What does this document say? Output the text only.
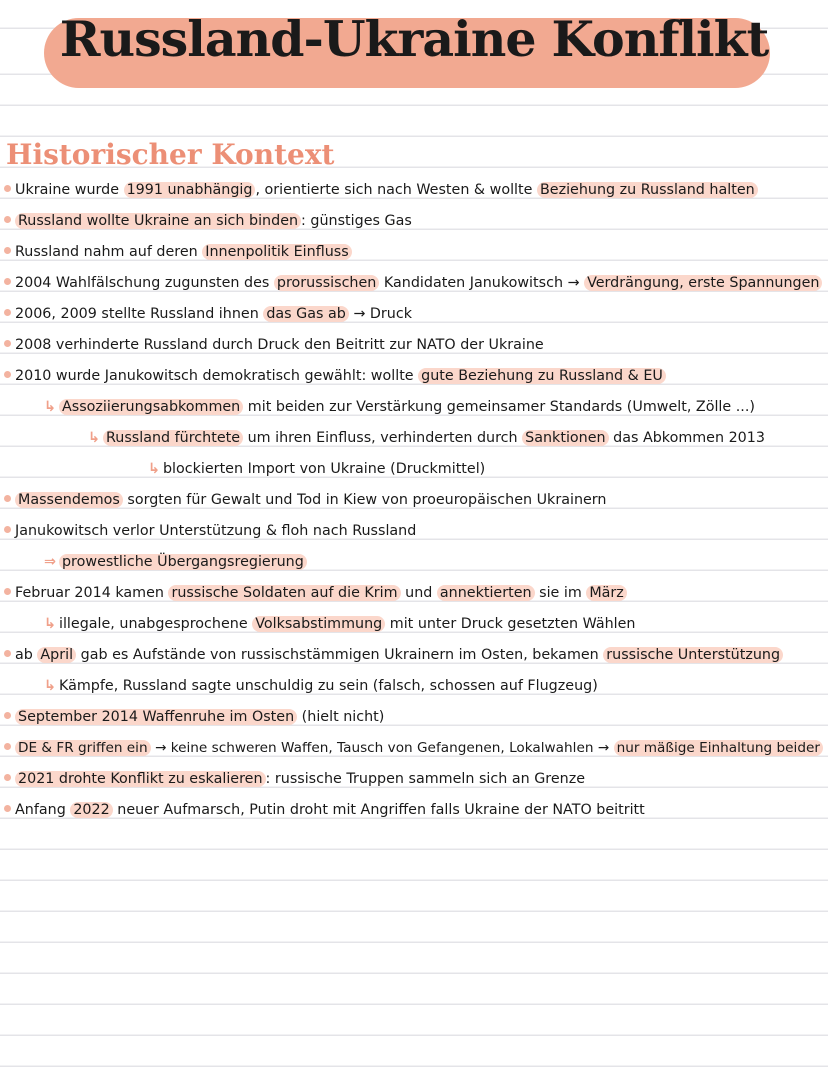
Russland-Ukraine Konflikt
Historischer Kontext
Ukraine wurde 1991 unabhängig , orientierte sich nach Westen & wollte Beziehung zu Russland halten
Russland wollte Ukraine an sich binden : günstiges Gas
Russland nahm auf deren Innenpolitik Einfluss
2004 Wahlfälschung zugunsten des prorussischen Kandidaten Janukowitsch → Verdrängung, erste Spannungen
2006, 2009 stellte Russland ihnen das Gas ab → Druck
2008 verhinderte Russland durch Druck den Beitritt zur NATO der Ukraine
2010 wurde Janukowitsch demokratisch gewählt: wollte gute Beziehung zu Russland & EU
↳ Assoziierungsabkommen mit beiden zur Verstärkung gemeinsamer Standards (Umwelt, Zölle ...)
↳ Russland fürchtete um ihren Einfluss, verhinderten durch Sanktionen das Abkommen 2013
↳ blockierten Import von Ukraine (Druckmittel)
Massendemos sorgten für Gewalt und Tod in Kiew von proeuropäischen Ukrainern
Janukowitsch verlor Unterstützung & floh nach Russland
⇒ prowestliche Übergangsregierung
Februar 2014 kamen russische Soldaten auf die Krim und annektierten sie im März
↳ illegale, unabgesprochene Volksabstimmung mit unter Druck gesetzten Wählen
ab April gab es Aufstände von russischstämmigen Ukrainern im Osten, bekamen russische Unterstützung
↳ Kämpfe, Russland sagte unschuldig zu sein (falsch, schossen auf Flugzeug)
September 2014 Waffenruhe im Osten (hielt nicht)
DE & FR griffen ein → keine schweren Waffen, Tausch von Gefangenen, Lokalwahlen → nur mäßige Einhaltung beider
2021 drohte Konflikt zu eskalieren : russische Truppen sammeln sich an Grenze
Anfang 2022 neuer Aufmarsch, Putin droht mit Angriffen falls Ukraine der NATO beitritt
